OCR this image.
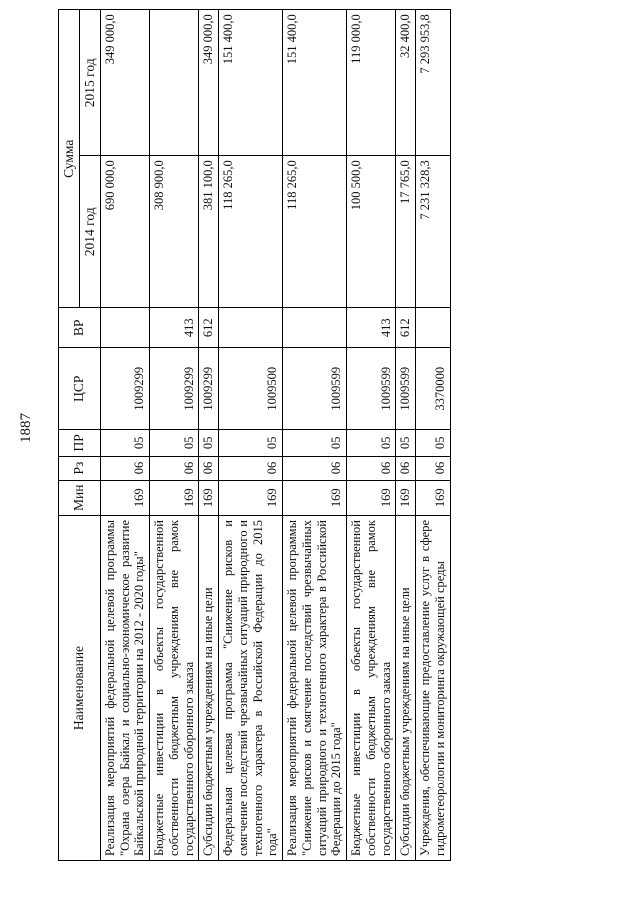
1887
Наименование	Мин	Рз	ПР	ЦСР	ВР	Сумма	
						2014 год	2015 год
Реализация мероприятий федеральной целевой программы "Охрана озера Байкал и социально-экономическое развитие Байкальской природной территории на 2012 - 2020 годы"	169	06	05	1009299		690 000,0	349 000,0
Бюджетные инвестиции в объекты государственной собственности бюджетным учреждениям вне рамок государственного оборонного заказа	169	06	05	1009299	413	308 900,0	
Субсидии бюджетным учреждениям на иные цели	169	06	05	1009299	612	381 100,0	349 000,0
Федеральная целевая программа "Снижение рисков и смягчение последствий чрезвычайных ситуаций природного и техногенного характера в Российской Федерации до 2015 года"	169	06	05	1009500		118 265,0	151 400,0
Реализация мероприятий федеральной целевой программы "Снижение рисков и смягчение последствий чрезвычайных ситуаций природного и техногенного характера в Российской Федерации до 2015 года"	169	06	05	1009599		118 265,0	151 400,0
Бюджетные инвестиции в объекты государственной собственности бюджетным учреждениям вне рамок государственного оборонного заказа	169	06	05	1009599	413	100 500,0	119 000,0
Субсидии бюджетным учреждениям на иные цели	169	06	05	1009599	612	17 765,0	32 400,0
Учреждения, обеспечивающие предоставление услуг в сфере гидрометеорологии и мониторинга окружающей среды	169	06	05	3370000		7 231 328,3	7 293 953,8
